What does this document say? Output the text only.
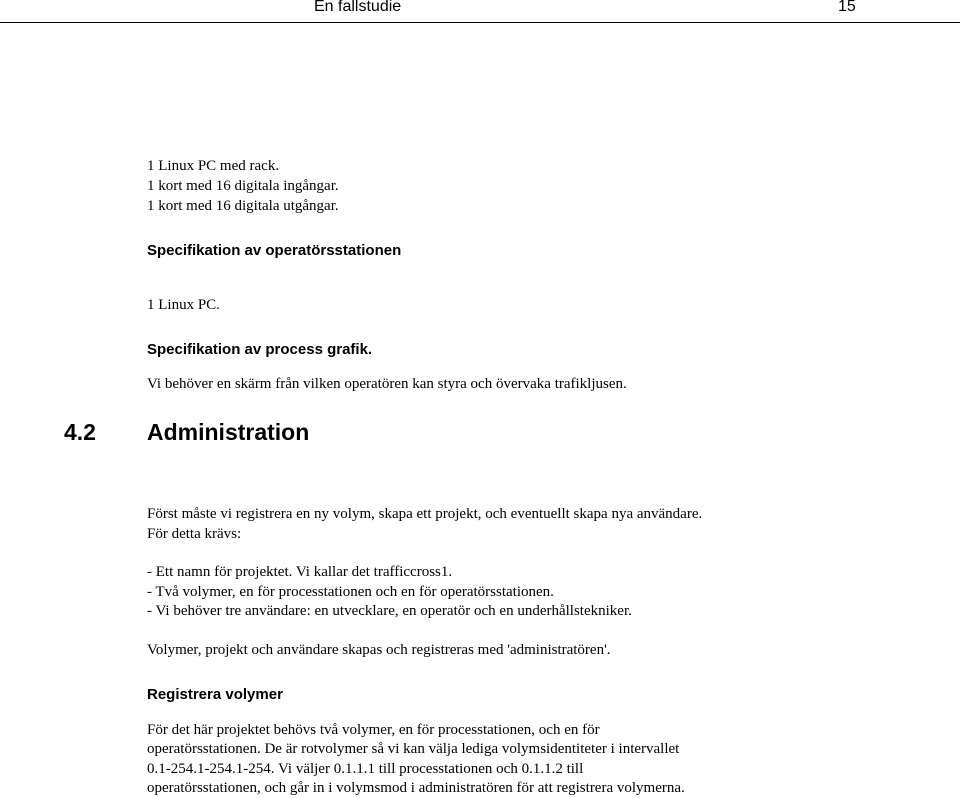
En fallstudie	15
1 Linux PC med rack.
1 kort med 16 digitala ingångar.
1 kort med 16 digitala utgångar.
Specifikation av operatörsstationen
1 Linux PC.
Specifikation av process grafik.
Vi behöver en skärm från vilken operatören kan styra och övervaka trafikljusen.
4.2 Administration
Först måste vi registrera en ny volym, skapa ett projekt, och eventuellt skapa nya användare.
För detta krävs:
- Ett namn för projektet. Vi kallar det trafficcross1.
- Två volymer, en för processtationen och en för operatörsstationen.
- Vi behöver tre användare: en utvecklare, en operatör och en underhållstekniker.
Volymer, projekt och användare skapas och registreras med 'administratören'.
Registrera volymer
För det här projektet behövs två volymer, en för processtationen, och en för
operatörsstationen. De är rotvolymer så vi kan välja lediga volymsidentiteter i intervallet
0.1-254.1-254.1-254. Vi väljer 0.1.1.1 till processtationen och 0.1.1.2 till
operatörsstationen, och går in i volymsmod i administratören för att registrera volymerna.
